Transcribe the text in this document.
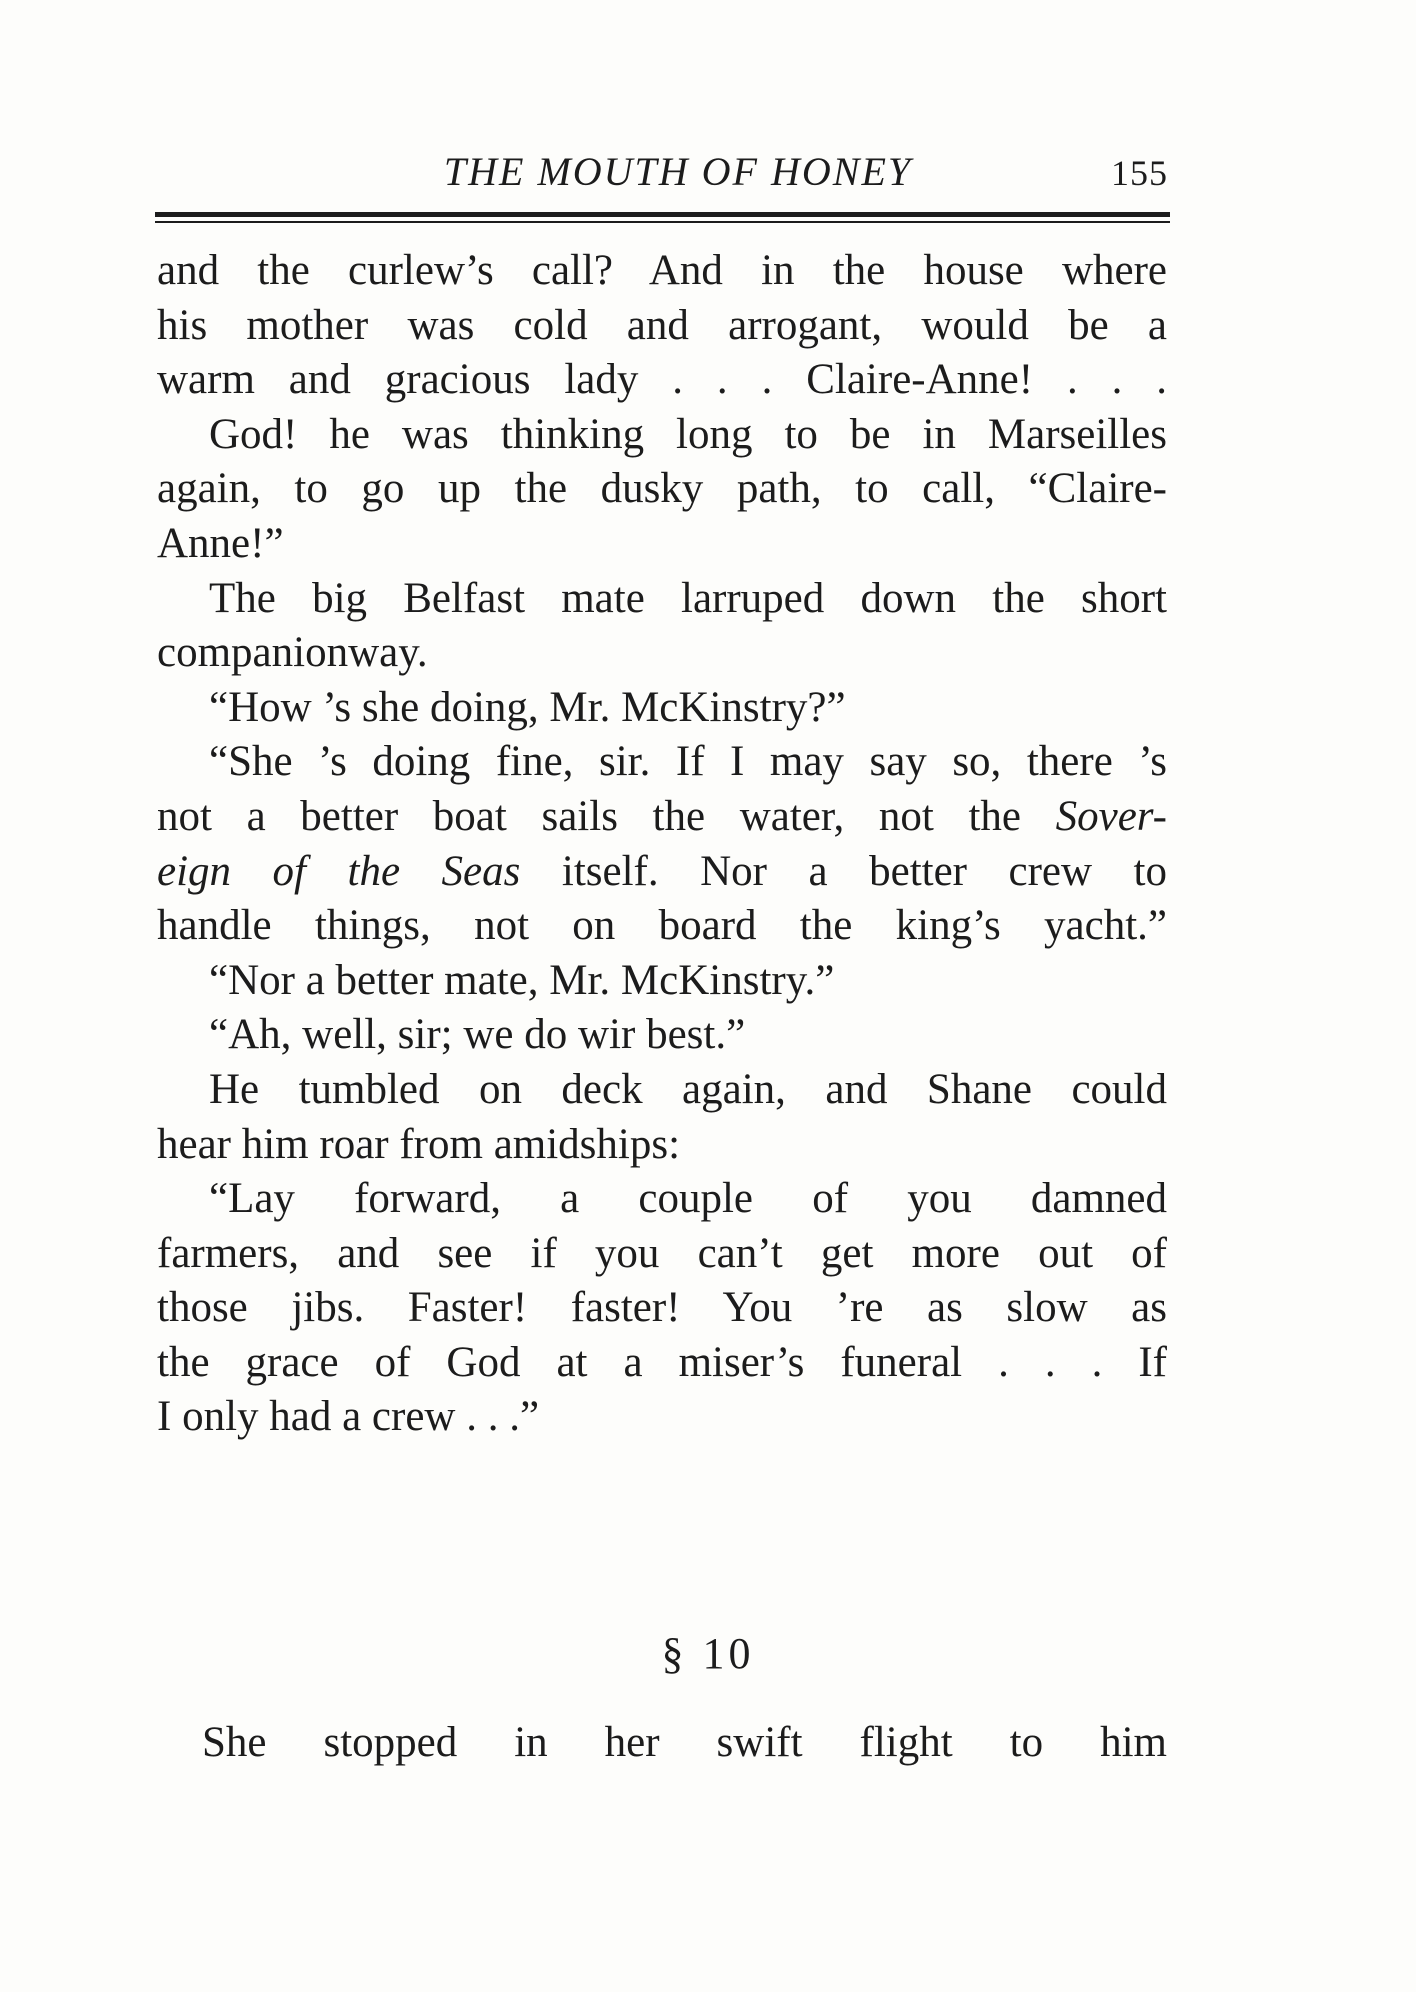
THE MOUTH OF HONEY	155
and the curlew’s call? And in the house where
his mother was cold and arrogant, would be a
warm and gracious lady . . . Claire-Anne! . . .
God! he was thinking long to be in Marseilles
again, to go up the dusky path, to call, “Claire-
Anne!”
The big Belfast mate larruped down the short
companionway.
“How ’s she doing, Mr. McKinstry?”
“She ’s doing fine, sir. If I may say so, there ’s
not a better boat sails the water, not the Sover-
eign of the Seas itself. Nor a better crew to
handle things, not on board the king’s yacht.”
“Nor a better mate, Mr. McKinstry.”
“Ah, well, sir; we do wir best.”
He tumbled on deck again, and Shane could
hear him roar from amidships:
“Lay forward, a couple of you damned
farmers, and see if you can’t get more out of
those jibs. Faster! faster! You ’re as slow as
the grace of God at a miser’s funeral . . . If
I only had a crew . . .”
§ 10
She stopped in her swift flight to him
